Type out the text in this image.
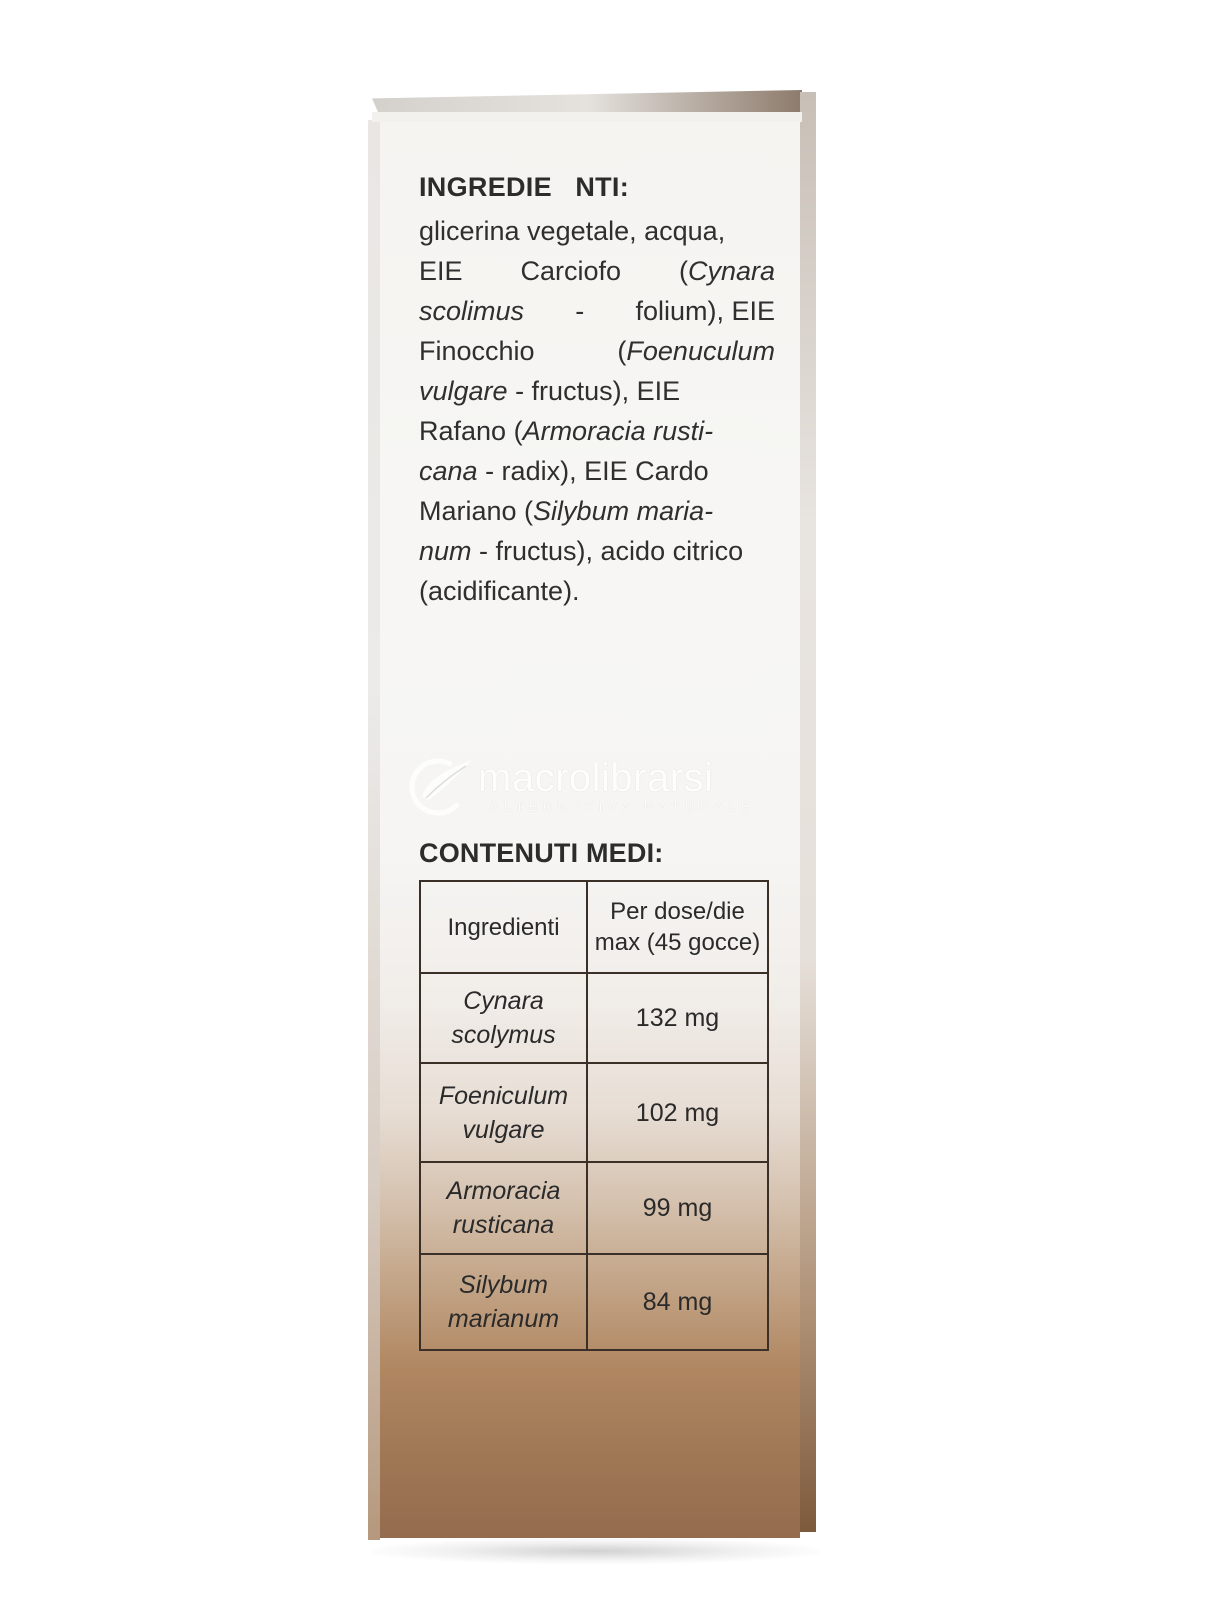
INGREDIE   NTI:
glicerina vegetale, acqua,
EIE Carciofo (Cynara
scolimus - folium), EIE
Finocchio	(Foenuculum
vulgare - fructus), EIE
Rafano (Armoracia rusti-
cana - radix), EIE Cardo
Mariano (Silybum maria-
num - fructus), acido citrico
(acidificante).
macrolibrarsi
ALTERNATIVA NATURALE
CONTENUTI MEDI:
Ingredienti	Per dose/die
max (45 gocce)
Cynara
scolymus	132 mg
Foeniculum
vulgare	102 mg
Armoracia
rusticana	99 mg
Silybum
marianum	84 mg
